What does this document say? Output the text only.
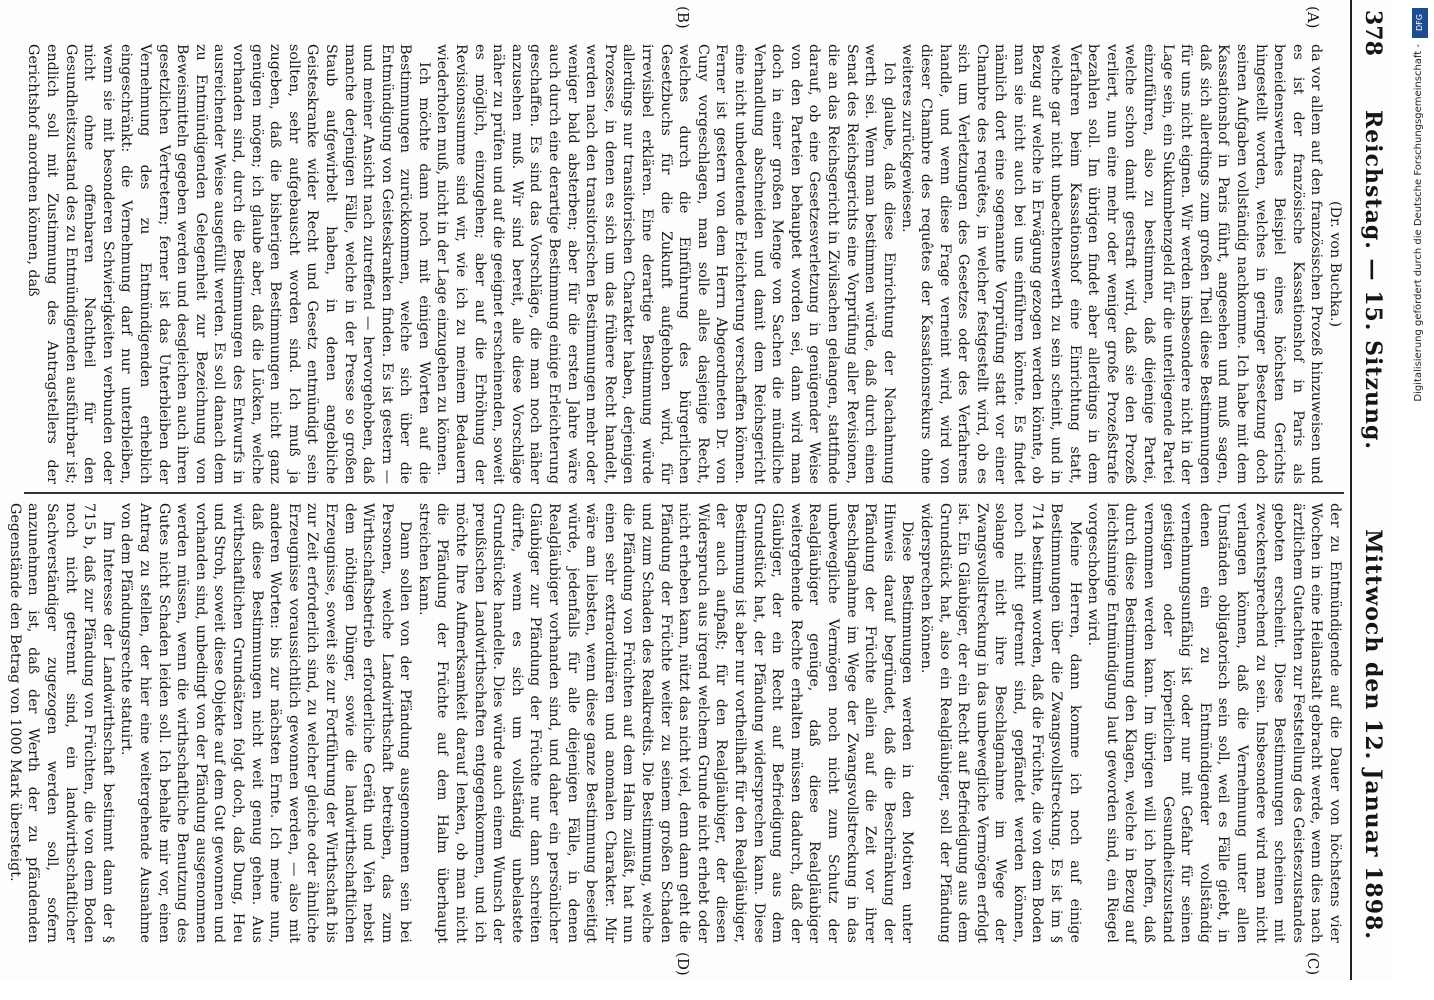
378
Reichstag. — 15. Sitzung.
Mittwoch den 12. Januar 1898.
(A)
(B)
(C)
(D)

(Dr. von Buchka.)

da vor allem auf den französischen Prozeß hinzuweisen und es ist der französische Kassationshof in Paris als beneidenswerthes Beispiel eines höchsten Gerichts hingestellt worden, welches in geringer Besetzung doch seinen Aufgaben vollständig nachkomme. Ich habe mit dem Kassationshof in Paris führt, angesehen und muß sagen, daß sich allerdings zum großen Theil diese Bestimmungen für uns nicht eignen. Wir werden insbesondere nicht in der Lage sein, ein Sukkumbenzgeld für die unterliegende Partei einzuführen, also zu bestimmen, daß diejenige Partei, welche schon damit gestraft wird, daß sie den Prozeß verliert, nun eine mehr oder weniger große Prozeßstrafe bezahlen soll. Im übrigen findet aber allerdings in dem Verfahren beim Kassationshof eine Einrichtung statt, welche gar nicht unbeachtenswerth zu sein scheint, und in Bezug auf welche in Erwägung gezogen werden könnte, ob man sie nicht auch bei uns einführen könnte. Es findet nämlich dort eine sogenannte Vorprüfung statt vor einer Chambre des requêtes, in welcher festgestellt wird, ob es sich um Verletzungen des Gesetzes oder des Verfahrens handle, und wenn diese Frage verneint wird, wird von dieser Chambre des requêtes der Kassationsrekurs ohne weiteres zurückgewiesen.

Ich glaube, daß diese Einrichtung der Nachahmung werth sei. Wenn man bestimmen würde, daß durch einen Senat des Reichsgerichts eine Vorprüfung aller Revisionen, die an das Reichsgericht in Zivilsachen gelangen, stattfinde darauf, ob eine Gesetzesverletzung in genügender Weise von den Parteien behauptet worden sei, dann wird man doch in einer großen Menge von Sachen die mündliche Verhandlung abschneiden und damit dem Reichsgericht eine nicht unbedeutende Erleichterung verschaffen können. Ferner ist gestern von dem Herrn Abgeordneten Dr. von Cuny vorgeschlagen, man solle alles dasjenige Recht, welches durch die Einführung des bürgerlichen Gesetzbuchs für die Zukunft aufgehoben wird, für irrevisibel erklären. Eine derartige Bestimmung würde allerdings nur transitorischen Charakter haben, derjenigen Prozesse, in denen es sich um das frühere Recht handelt, werden nach den transitorischen Bestimmungen mehr oder weniger bald absterben; aber für die ersten Jahre wäre auch durch eine derartige Bestimmung einige Erleichterung geschaffen. Es sind das Vorschläge, die man noch näher anzusehen muß. Wir sind bereit, alle diese Vorschläge näher zu prüfen und auf die geeignet erscheinenden, soweit es möglich, einzugehen; aber auf die Erhöhung der Revisionssumme sind wir, wie ich zu meinem Bedauern wiederholen muß, nicht in der Lage einzugehen zu können.

Ich möchte dann noch mit einigen Worten auf die Bestimmungen zurückkommen, welche sich über die Entmündigung von Geisteskranken finden. Es ist gestern — und meiner Ansicht nach zutreffend — hervorgehoben, daß manche derjenigen Fälle, welche in der Presse so großen Staub aufgewirbelt haben, in denen angebliche Geisteskranke wider Recht und Gesetz entmündigt sein sollten, sehr aufgebauscht worden sind. Ich muß ja zugeben, daß die bisherigen Bestimmungen nicht ganz genügen mögen; ich glaube aber, daß die Lücken, welche vorhanden sind, durch die Bestimmungen des Entwurfs in ausreichender Weise ausgefüllt werden. Es soll danach dem zu Entmündigenden Gelegenheit zur Bezeichnung von Beweismitteln gegeben werden und desgleichen auch ihren gesetzlichen Vertretern; ferner ist das Unterbleiben der Vernehmung des zu Entmündigenden erheblich eingeschränkt: die Vernehmung darf nur unterbleiben, wenn sie mit besonderen Schwierigkeiten verbunden oder nicht ohne offenbaren Nachtheil für den Gesundheitszustand des zu Entmündigenden ausführbar ist; endlich soll mit Zustimmung des Antragstellers der Gerichtshof anordnen können, daß

der zu Entmündigende auf die Dauer von höchstens vier Wochen in eine Heilanstalt gebracht werde, wenn dies nach ärztlichem Gutachten zur Feststellung des Geisteszustandes geboten erscheint. Diese Bestimmungen scheinen mit zweckentsprechend zu sein. Insbesondere wird man nicht verlangen können, daß die Vernehmung unter allen Umständen obligatorisch sein soll, weil es Fälle giebt, in denen ein zu Entmündigender vollständig vernehmungsunfähig ist oder nur mit Gefahr für seinen geistigen oder körperlichen Gesundheitszustand vernommen werden kann. Im übrigen will ich hoffen, daß durch diese Bestimmung den Klagen, welche in Bezug auf leichtsinnige Entmündigung laut geworden sind, ein Riegel vorgeschoben wird.

Meine Herren, dann komme ich noch auf einige Bestimmungen über die Zwangsvollstreckung. Es ist im § 714 bestimmt worden, daß die Früchte, die von dem Boden noch nicht getrennt sind, gepfändet werden können, solange nicht ihre Beschlagnahme im Wege der Zwangsvollstreckung in das unbewegliche Vermögen erfolgt ist. Ein Gläubiger, der ein Recht auf Befriedigung aus dem Grundstück hat, also ein Realgläubiger, soll der Pfändung widersprechen können.

Diese Bestimmungen werden in den Motiven unter Hinweis darauf begründet, daß die Beschränkung der Pfändung der Früchte allein auf die Zeit vor ihrer Beschlagnahme im Wege der Zwangsvollstreckung in das unbewegliche Vermögen noch nicht zum Schutz der Realgläubiger genüge, daß diese Realgläubiger weitergehende Rechte erhalten müssen dadurch, daß der Gläubiger, der ein Recht auf Befriedigung aus dem Grundstück hat, der Pfändung widersprechen kann. Diese Bestimmung ist aber nur vortheilhaft für den Realgläubiger, der auch aufpaßt; für den Realgläubiger, der diesen Widerspruch aus irgend welchem Grunde nicht erhebt oder nicht erheben kann, nützt das nicht viel, denn dann geht die Pfändung der Früchte weiter zu seinem großen Schaden und zum Schaden des Realkredits. Die Bestimmung, welche die Pfändung von Früchten auf dem Halm zuläßt, hat nun einen sehr extraordinären und anomalen Charakter. Mir wäre am liebsten, wenn diese ganze Bestimmung beseitigt würde, jedenfalls für alle diejenigen Fälle, in denen Realgläubiger vorhanden sind, und daher ein persönlicher Gläubiger zur Pfändung der Früchte nur dann schreiten dürfte, wenn es sich um vollständig unbelastete Grundstücke handelte. Dies würde auch einem Wunsch der preußischen Landwirthschaften entgegenkommen, und ich möchte Ihre Aufmerksamkeit darauf lenken, ob man nicht die Pfändung der Früchte auf dem Halm überhaupt streichen kann.

Dann sollen von der Pfändung ausgenommen sein bei Personen, welche Landwirthschaft betreiben, das zum Wirthschaftsbetrieb erforderliche Geräth und Vieh nebst dem nöthigen Dünger, sowie die landwirthschaftlichen Erzeugnisse, soweit sie zur Fortführung der Wirthschaft bis zur Zeit erforderlich sind, zu welcher gleiche oder ähnliche Erzeugnisse voraussichtlich gewonnen werden, — also mit anderen Worten: bis zur nächsten Ernte. Ich meine nun, daß diese Bestimmungen nicht weit genug gehen. Aus wirthschaftlichen Grundsätzen folgt doch, daß Dung, Heu und Stroh, soweit diese Objekte auf dem Gut gewonnen und vorhanden sind, unbedingt von der Pfändung ausgenommen werden müssen, wenn die wirthschaftliche Benutzung des Gutes nicht Schaden leiden soll. Ich behalte mir vor, einen Antrag zu stellen, der hier eine weitergehende Ausnahme von dem Pfändungsrechte statuirt.

Im Interesse der Landwirthschaft bestimmt dann der § 715 b, daß zur Pfändung von Früchten, die von dem Boden noch nicht getrennt sind, ein landwirthschaftlicher Sachverständiger zugezogen werden soll, sofern anzunehmen ist, daß der Werth der zu pfändenden Gegenstände den Betrag von 1000 Mark übersteigt.

DFG
Digitalisierung gefördert durch die Deutsche Forschungsgemeinschaft -
